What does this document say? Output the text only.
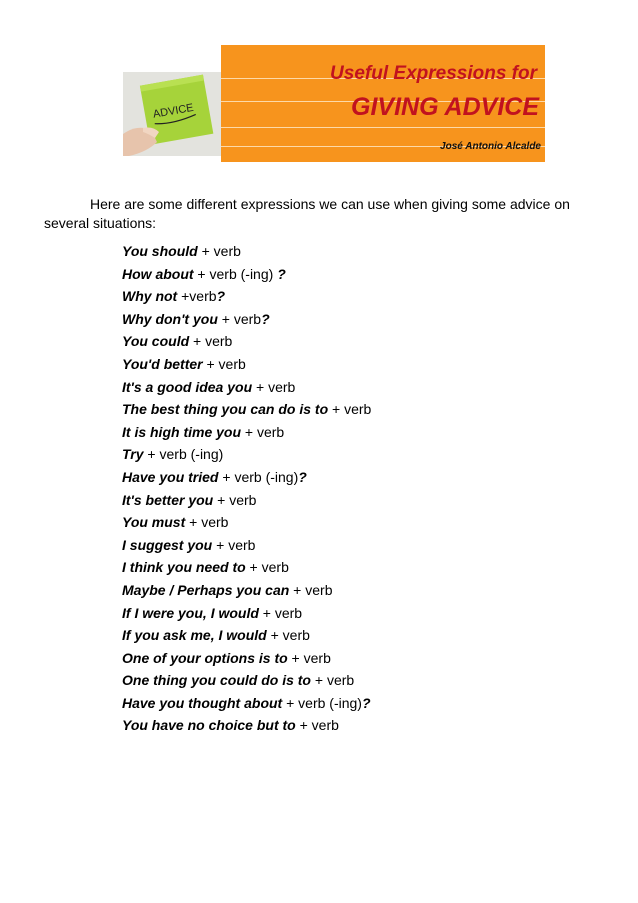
ADVICE

Useful Expressions for

GIVING ADVICE

José Antonio Alcalde

Here are some different expressions we can use when giving some advice on several situations:

You should + verb
How about + verb (-ing) ?
Why not +verb?
Why don't you + verb?
You could + verb
You'd better + verb
It's a good idea you + verb
The best thing you can do is to + verb
It is high time you + verb
Try + verb (-ing)
Have you tried + verb (-ing)?
It's better you + verb
You must + verb
I suggest you + verb
I think you need to + verb
Maybe / Perhaps you can + verb
If I were you, I would + verb
If you ask me, I would + verb
One of your options is to + verb
One thing you could do is to + verb
Have you thought about + verb (-ing)?
You have no choice but to + verb
